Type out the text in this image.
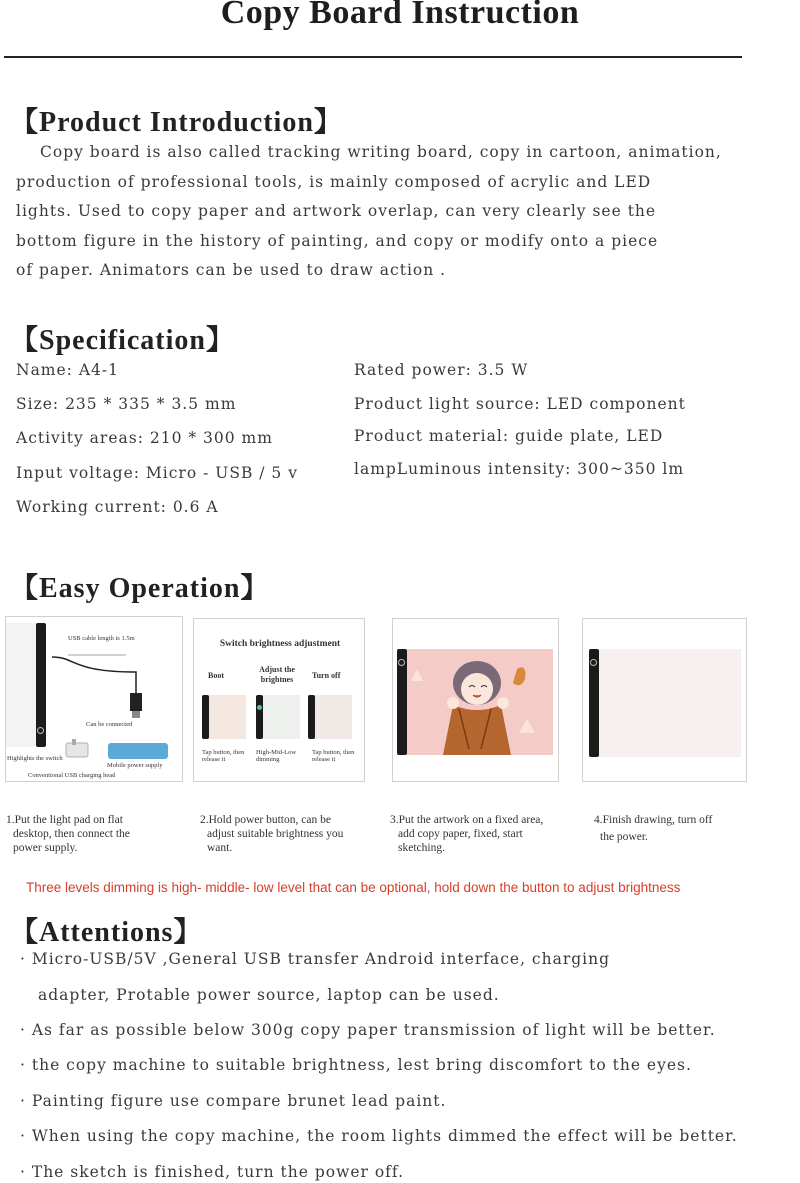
Copy Board Instruction
【Product Introduction】
Copy board is also called tracking writing board, copy in cartoon, animation,
production of professional tools, is mainly composed of acrylic and LED
lights. Used to copy paper and artwork overlap, can very clearly see the
bottom figure in the history of painting, and copy or modify onto a piece
of paper. Animators can be used to draw action .
【Specification】
Name: A4-1
Size: 235 * 335 * 3.5 mm
Activity areas: 210 * 300 mm
Input voltage: Micro - USB / 5 v
Working current: 0.6 A
Rated power: 3.5 W
Product light source: LED component
Product material: guide plate, LED
lampLuminous intensity: 300~350 lm
【Easy Operation】
USB cable length is 1.5m
Can be connected
Highlights the switch
Mobile power supply
Conventional USB charging head
Switch brightness adjustment
Boot
Adjust the brightnes	Turn off
Tap button, then release it
High-Mid-Low dimming
Tap button, then release it
1.Put the light pad on flat
desktop, then connect the
power supply.
2.Hold power button, can be
adjust suitable brightness you
want.
3.Put the artwork on a fixed area,
add copy paper, fixed, start
sketching.
4.Finish drawing, turn off
the power.
Three levels dimming is high- middle- low level that can be optional, hold down the button to adjust brightness
【Attentions】
· Micro-USB/5V ,General USB transfer Android interface, charging
adapter, Protable power source, laptop can be used.
· As far as possible below 300g copy paper transmission of light will be better.
· the copy machine to suitable brightness, lest bring discomfort to the eyes.
· Painting figure use compare brunet lead paint.
· When using the copy machine, the room lights dimmed the effect will be better.
· The sketch is finished, turn the power off.
